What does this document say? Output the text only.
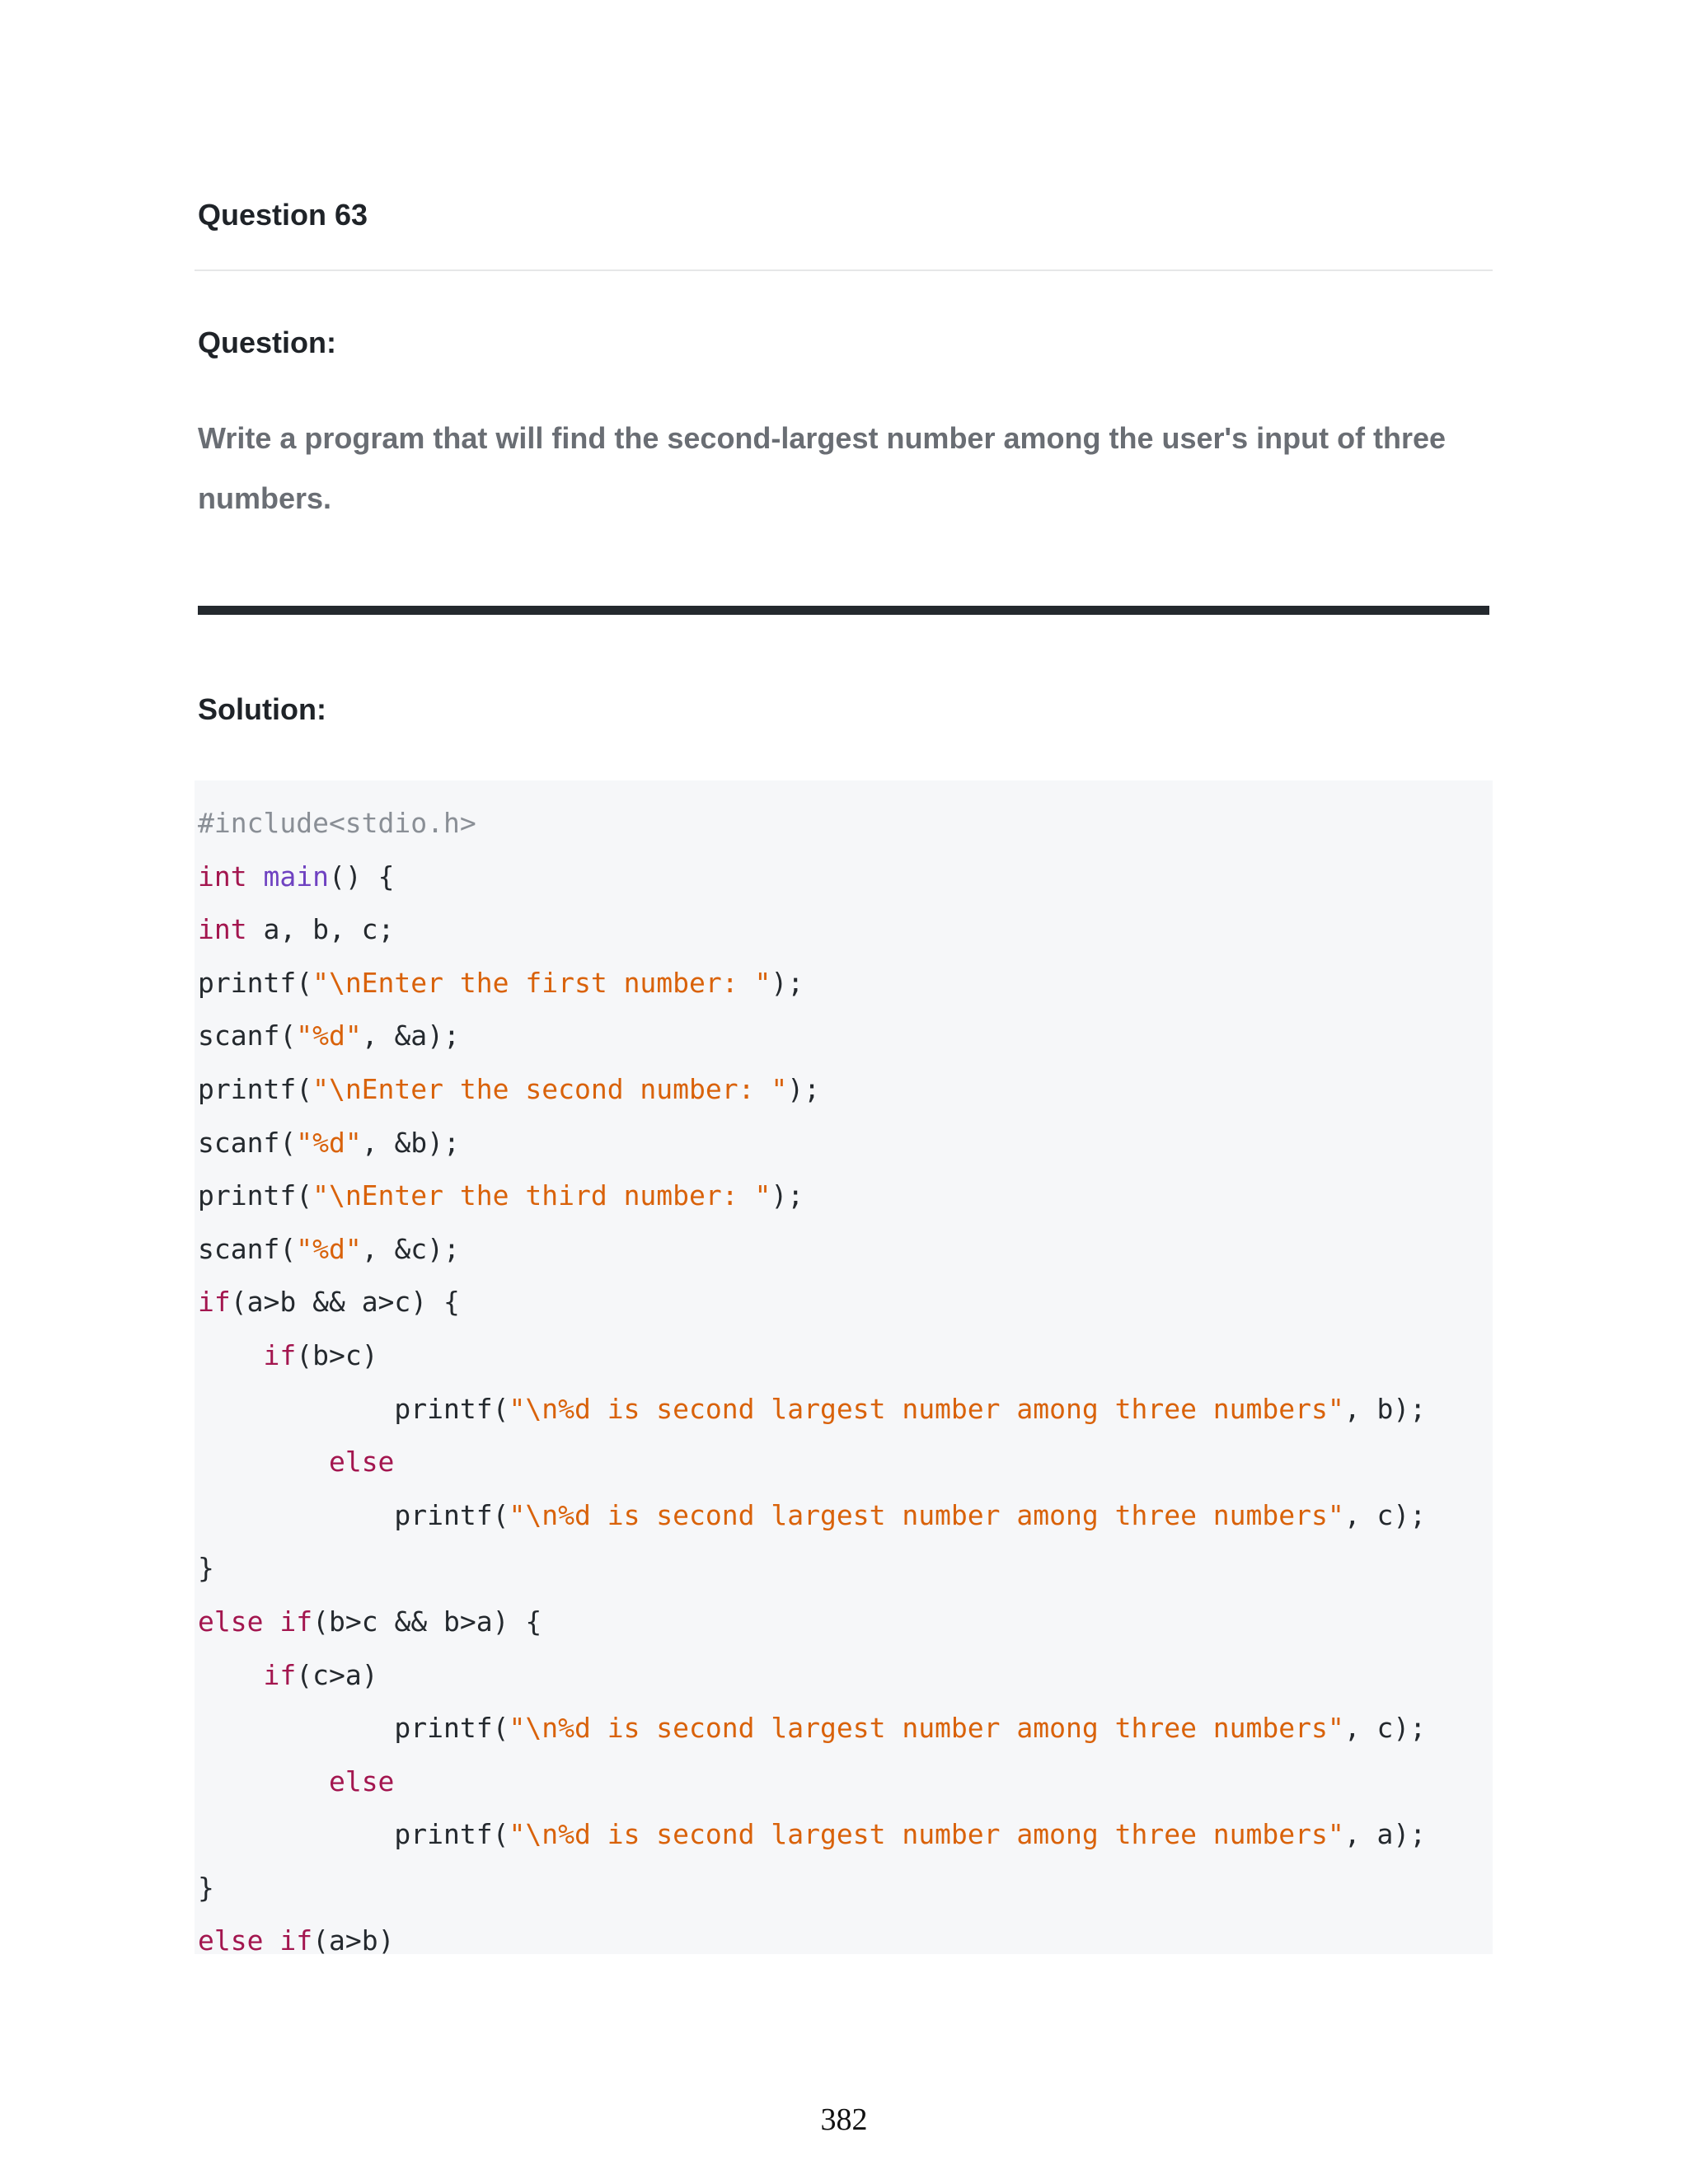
Question 63
Question:
Write a program that will find the second-largest number among the user's input of three numbers.
Solution:
#include<stdio.h>
int main() {
int a, b, c;
printf("\nEnter the first number: ");
scanf("%d", &a);
printf("\nEnter the second number: ");
scanf("%d", &b);
printf("\nEnter the third number: ");
scanf("%d", &c);
if(a>b && a>c) {
if(b>c)
printf("\n%d is second largest number among three numbers", b);
else
printf("\n%d is second largest number among three numbers", c);
}
else if(b>c && b>a) {
if(c>a)
printf("\n%d is second largest number among three numbers", c);
else
printf("\n%d is second largest number among three numbers", a);
}
else if(a>b)
382
